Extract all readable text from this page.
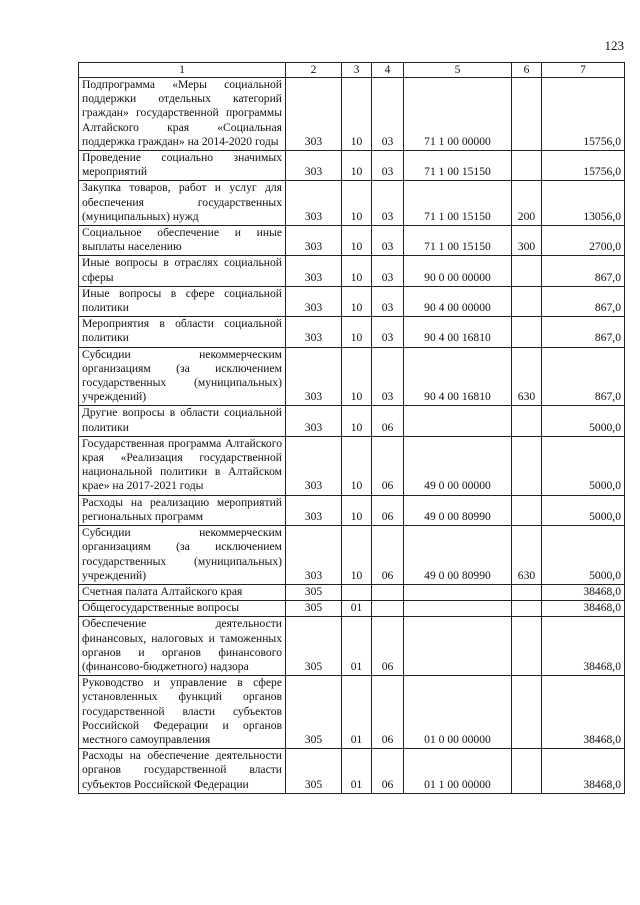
123
1	2	3	4	5	6	7
Подпрограмма «Меры социальной поддержки отдельных категорий граждан» государственной программы Алтайского края «Социальная поддержка граждан» на 2014-2020 годы	303	10	03	71 1 00 00000		15756,0
Проведение социально значимых мероприятий	303	10	03	71 1 00 15150		15756,0
Закупка товаров, работ и услуг для обеспечения государственных (муниципальных) нужд	303	10	03	71 1 00 15150	200	13056,0
Социальное обеспечение и иные выплаты населению	303	10	03	71 1 00 15150	300	2700,0
Иные вопросы в отраслях социальной сферы	303	10	03	90 0 00 00000		867,0
Иные вопросы в сфере социальной политики	303	10	03	90 4 00 00000		867,0
Мероприятия в области социальной политики	303	10	03	90 4 00 16810		867,0
Субсидии некоммерческим организациям (за исключением государственных (муниципальных) учреждений)	303	10	03	90 4 00 16810	630	867,0
Другие вопросы в области социальной политики	303	10	06			5000,0
Государственная программа Алтайского края «Реализация государственной национальной политики в Алтайском крае» на 2017-2021 годы	303	10	06	49 0 00 00000		5000,0
Расходы на реализацию мероприятий региональных программ	303	10	06	49 0 00 80990		5000,0
Субсидии некоммерческим организациям (за исключением государственных (муниципальных) учреждений)	303	10	06	49 0 00 80990	630	5000,0
Счетная палата Алтайского края	305					38468,0
Общегосударственные вопросы	305	01				38468,0
Обеспечение деятельности финансовых, налоговых и таможенных органов и органов финансового (финансово-бюджетного) надзора	305	01	06			38468,0
Руководство и управление в сфере установленных функций органов государственной власти субъектов Российской Федерации и органов местного самоуправления	305	01	06	01 0 00 00000		38468,0
Расходы на обеспечение деятельности органов государственной власти субъектов Российской Федерации	305	01	06	01 1 00 00000		38468,0
